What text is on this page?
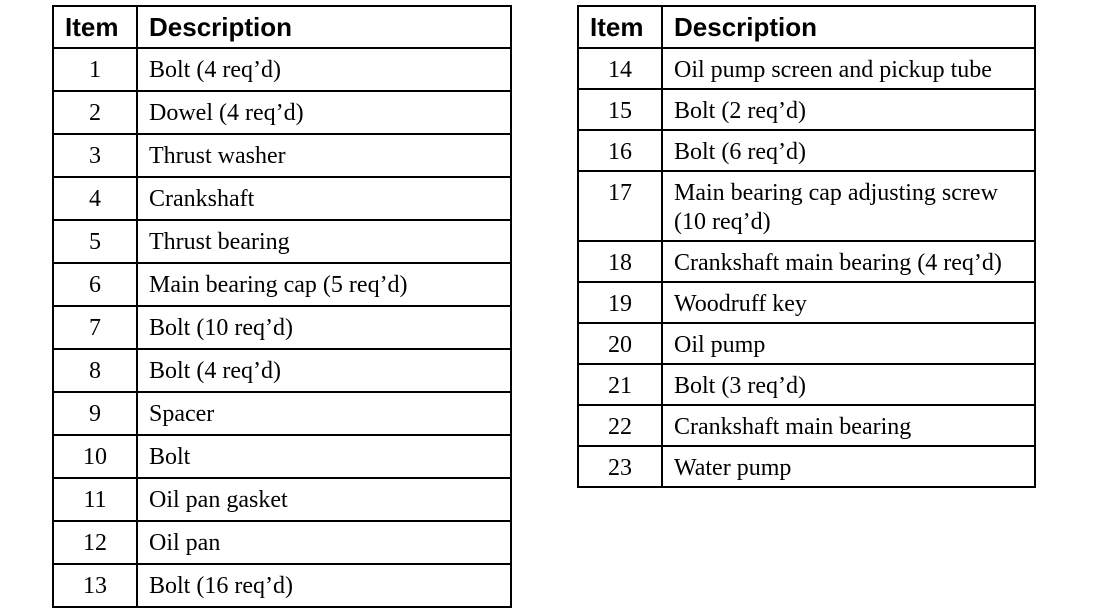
Item	Description
1	Bolt (4 req’d)
2	Dowel (4 req’d)
3	Thrust washer
4	Crankshaft
5	Thrust bearing
6	Main bearing cap (5 req’d)
7	Bolt (10 req’d)
8	Bolt (4 req’d)
9	Spacer
10	Bolt
11	Oil pan gasket
12	Oil pan
13	Bolt (16 req’d)
Item	Description
14	Oil pump screen and pickup tube
15	Bolt (2 req’d)
16	Bolt (6 req’d)
17	Main bearing cap adjusting screw (10 req’d)
18	Crankshaft main bearing (4 req’d)
19	Woodruff key
20	Oil pump
21	Bolt (3 req’d)
22	Crankshaft main bearing
23	Water pump
